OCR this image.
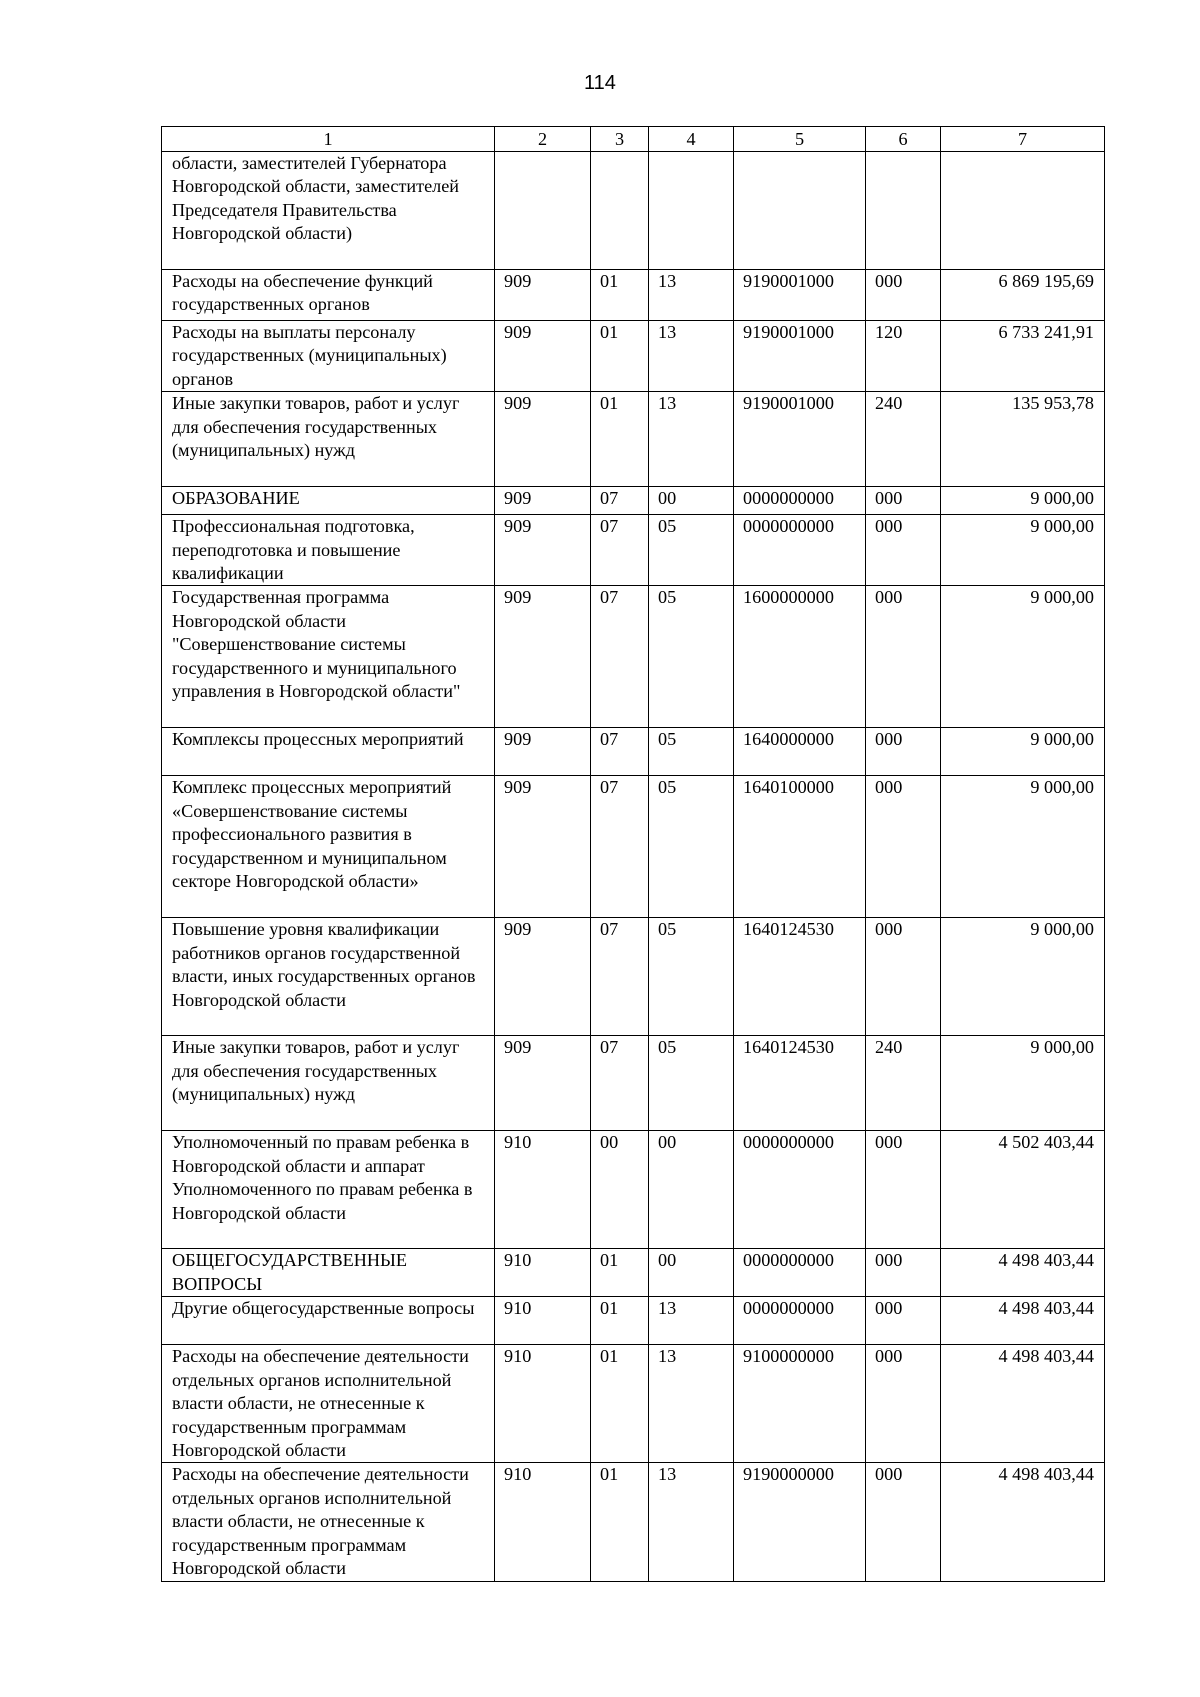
114
1	2	3	4	5	6	7
области, заместителей Губернатора Новгородской области, заместителей Председателя Правительства Новгородской области)						
Расходы на обеспечение функций государственных органов	909	01	13	9190001000	000	6 869 195,69
Расходы на выплаты персоналу государственных (муниципальных) органов	909	01	13	9190001000	120	6 733 241,91
Иные закупки товаров, работ и услуг для обеспечения государственных (муниципальных) нужд	909	01	13	9190001000	240	135 953,78
ОБРАЗОВАНИЕ	909	07	00	0000000000	000	9 000,00
Профессиональная подготовка, переподготовка и повышение квалификации	909	07	05	0000000000	000	9 000,00
Государственная программа Новгородской области "Совершенствование системы государственного и муниципального управления в Новгородской области"	909	07	05	1600000000	000	9 000,00
Комплексы процессных мероприятий	909	07	05	1640000000	000	9 000,00
Комплекс процессных мероприятий «Совершенствование системы профессионального развития в государственном и муниципальном секторе Новгородской области»	909	07	05	1640100000	000	9 000,00
Повышение уровня квалификации работников органов государственной власти, иных государственных органов Новгородской области	909	07	05	1640124530	000	9 000,00
Иные закупки товаров, работ и услуг для обеспечения государственных (муниципальных) нужд	909	07	05	1640124530	240	9 000,00
Уполномоченный по правам ребенка в Новгородской области и аппарат Уполномоченного по правам ребенка в Новгородской области	910	00	00	0000000000	000	4 502 403,44
ОБЩЕГОСУДАРСТВЕННЫЕ ВОПРОСЫ	910	01	00	0000000000	000	4 498 403,44
Другие общегосударственные вопросы	910	01	13	0000000000	000	4 498 403,44
Расходы на обеспечение деятельности отдельных органов исполнительной власти области, не отнесенные к государственным программам Новгородской области	910	01	13	9100000000	000	4 498 403,44
Расходы на обеспечение деятельности отдельных органов исполнительной власти области, не отнесенные к государственным программам Новгородской области	910	01	13	9190000000	000	4 498 403,44
